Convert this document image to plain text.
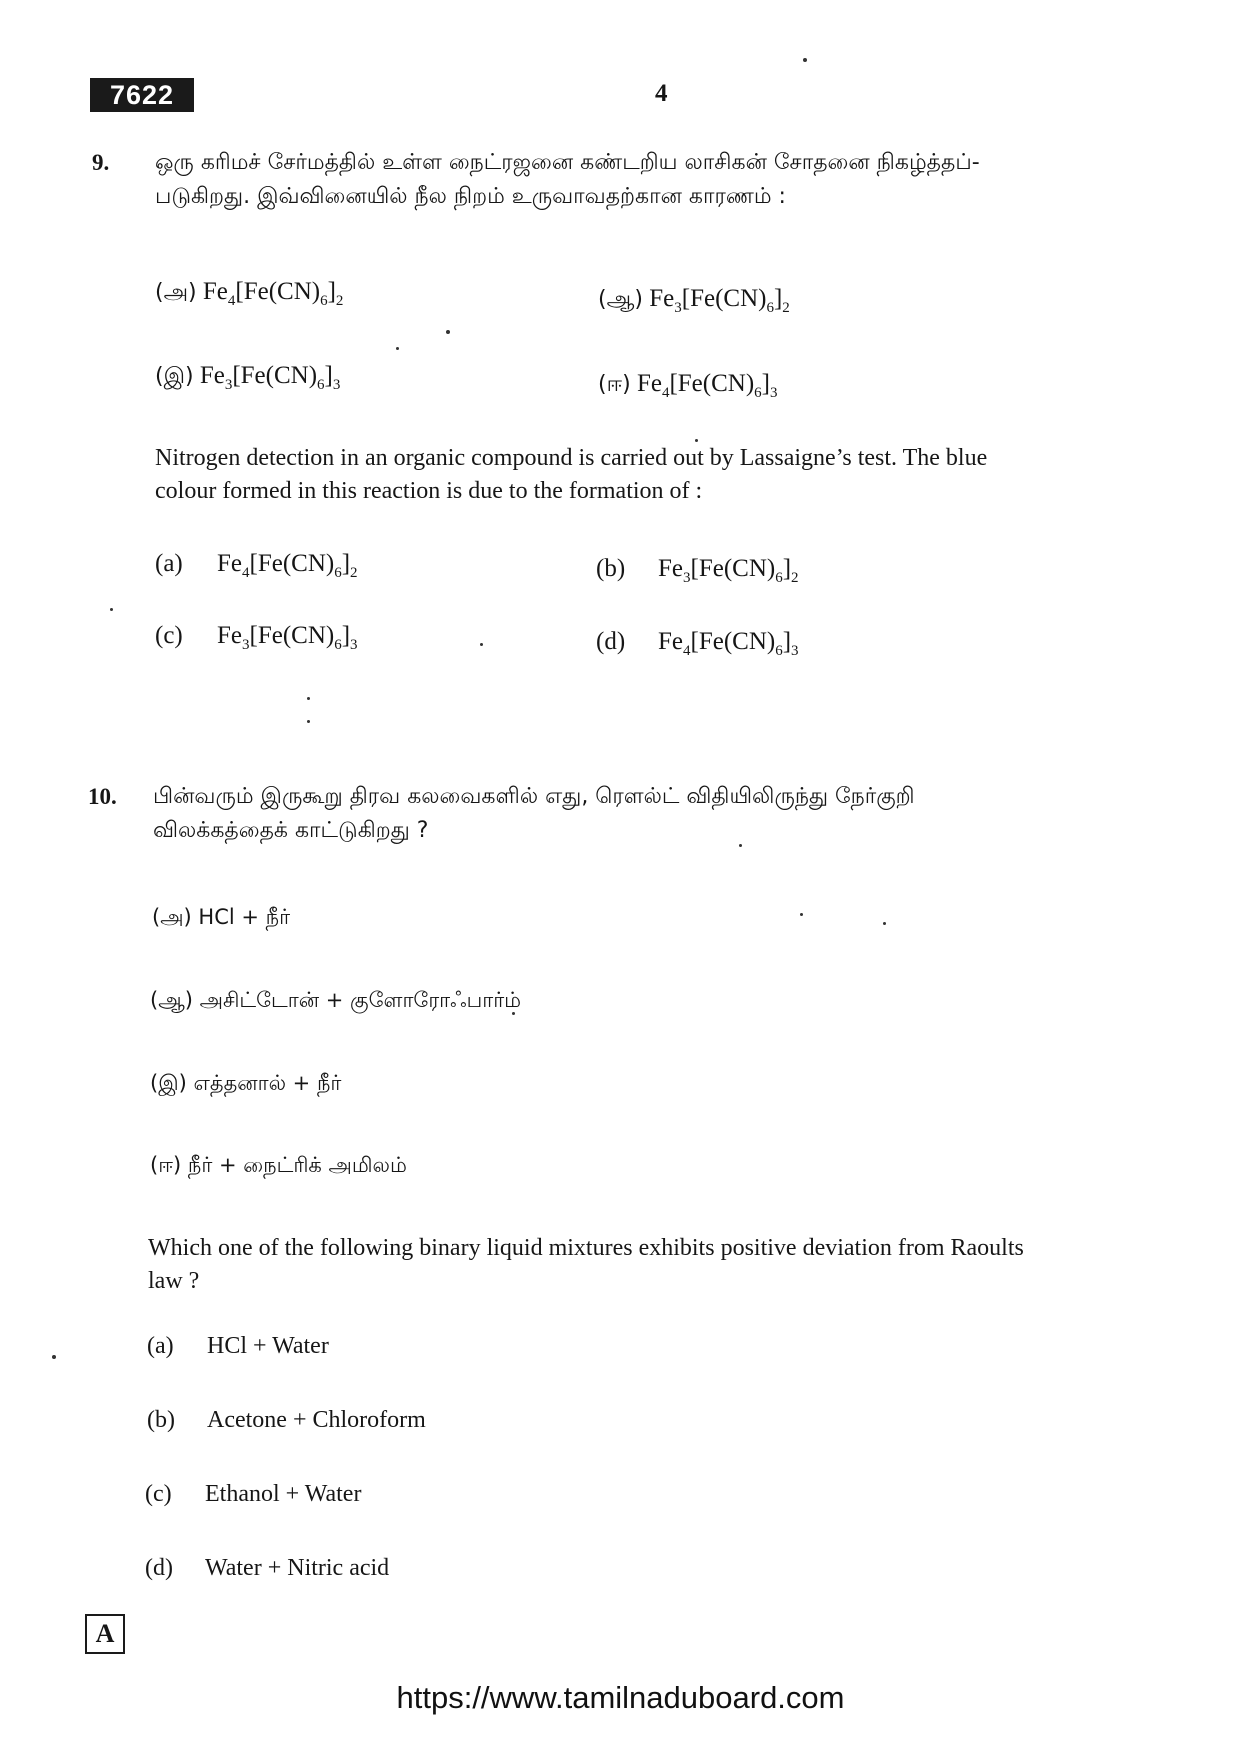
7622	4
9. ஒரு கரிமச் சேர்மத்தில் உள்ள நைட்ரஜனை கண்டறிய லாசிகன் சோதனை நிகழ்த்தப்-
படுகிறது. இவ்வினையில் நீல நிறம் உருவாவதற்கான காரணம் :
(அ) $Fe_4[Fe(CN)_6]_2$	(ஆ) $Fe_3[Fe(CN)_6]_2$
(இ) $Fe_3[Fe(CN)_6]_3$	(ஈ) $Fe_4[Fe(CN)_6]_3$
Nitrogen detection in an organic compound is carried out by Lassaigne’s test. The blue
colour formed in this reaction is due to the formation of :
(a) $Fe_4[Fe(CN)_6]_2$	(b) $Fe_3[Fe(CN)_6]_2$
(c) $Fe_3[Fe(CN)_6]_3$	(d) $Fe_4[Fe(CN)_6]_3$
10. பின்வரும் இருகூறு திரவ கலவைகளில் எது, ரௌல்ட் விதியிலிருந்து நேர்குறி
விலக்கத்தைக் காட்டுகிறது ?
(அ) HCl + நீர்
(ஆ) அசிட்டோன் + குளோரோஃபார்ம்
(இ) எத்தனால் + நீர்
(ஈ) நீர் + நைட்ரிக் அமிலம்
Which one of the following binary liquid mixtures exhibits positive deviation from Raoults
law ?
(a) HCl + Water
(b) Acetone + Chloroform
(c) Ethanol + Water
(d) Water + Nitric acid
A
https://www.tamilnaduboard.com
